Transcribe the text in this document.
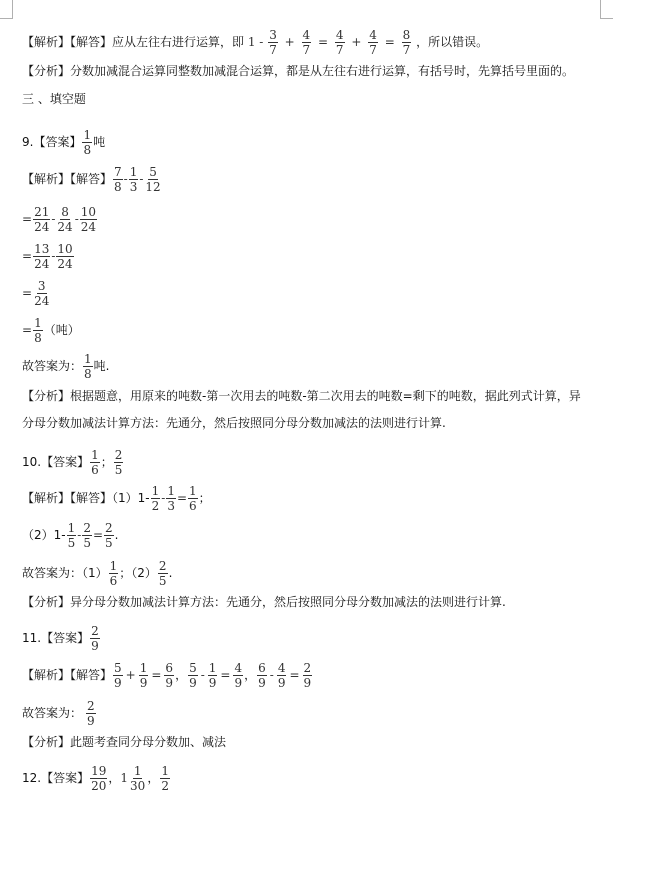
【解析】【解答】应从左往右进行运算，即 $1 - \frac{3}{7} + \frac{4}{7} = \frac{4}{7} + \frac{4}{7} = \frac{8}{7}$ ，所以错误。
【分析】分数加减混合运算同整数加减混合运算，都是从左往右进行运算，有括号时，先算括号里面的。
三 、填空题
9.【答案】 $\frac{1}{8}$ 吨
【解析】【解答】 $\frac{7}{8} - \frac{1}{3} - \frac{5}{12}$
= $\frac{21}{24} - \frac{8}{24} - \frac{10}{24}$
= $\frac{13}{24} - \frac{10}{24}$
= $\frac{3}{24}$
= $\frac{1}{8}$ （吨）
故答案为： $\frac{1}{8}$ 吨.
【分析】根据题意，用原来的吨数-第一次用去的吨数-第二次用去的吨数=剩下的吨数，据此列式计算，异
分母分数加减法计算方法：先通分，然后按照同分母分数加减法的法则进行计算.
10.【答案】 $\frac{1}{6}$ ； $\frac{2}{5}$
【解析】【解答】$(1)1- \frac{1}{2} - \frac{1}{3} = \frac{1}{6}$ ；
$(2)1- \frac{1}{5} - \frac{2}{5} = \frac{2}{5}$ .
故答案为：$(1) \frac{1}{6}$ ；$(2) \frac{2}{5}$ .
【分析】异分母分数加减法计算方法：先通分，然后按照同分母分数加减法的法则进行计算.
11.【答案】 $\frac{2}{9}$
【解析】【解答】 $\frac{5}{9} + \frac{1}{9} = \frac{6}{9}$ ， $\frac{5}{9} - \frac{1}{9} = \frac{4}{9}$ ， $\frac{6}{9} - \frac{4}{9} = \frac{2}{9}$
故答案为： $\frac{2}{9}$
【分析】此题考查同分母分数加、减法
12.【答案】 $\frac{19}{20}$ ，$1 \frac{1}{30}$ ， $\frac{1}{2}$
